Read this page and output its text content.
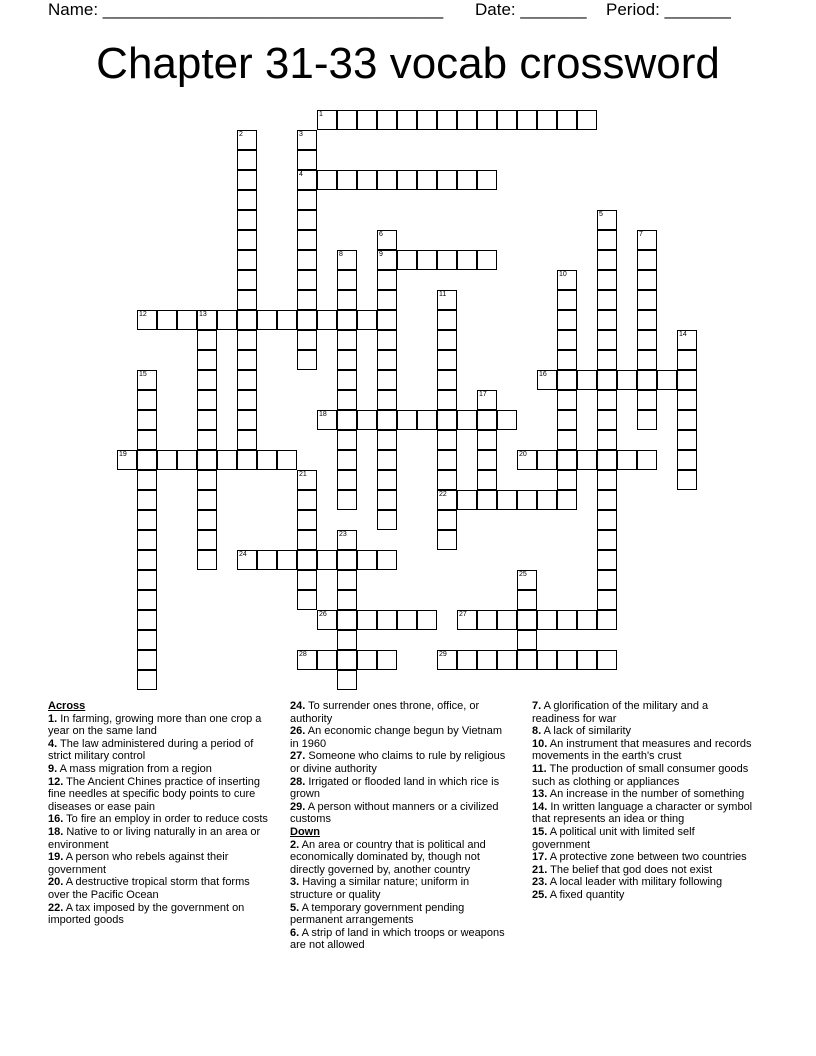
Name: ____________________________________ Date: _______ Period: _______
Chapter 31-33 vocab crossword
1
2	3
4
5
6
9
7
8
10
11
22
12	13
14
15	16
17
18
19	20
21
23
24
25
26	27
28	29
Across
1. In farming, growing more than one crop a year on the same land
4. The law administered during a period of strict military control
9. A mass migration from a region
12. The Ancient Chines practice of inserting fine needles at specific body points to cure diseases or ease pain
16. To fire an employ in order to reduce costs
18. Native to or living naturally in an area or environment
19. A person who rebels against their government
20. A destructive tropical storm that forms over the Pacific Ocean
22. A tax imposed by the government on imported goods
24. To surrender ones throne, office, or authority
26. An economic change begun by Vietnam in 1960
27. Someone who claims to rule by religious or divine authority
28. Irrigated or flooded land in which rice is grown
29. A person without manners or a civilized customs
Down
2. An area or country that is political and economically dominated by, though not directly governed by, another country
3. Having a similar nature; uniform in structure or quality
5. A temporary government pending permanent arrangements
6. A strip of land in which troops or weapons are not allowed
7. A glorification of the military and a readiness for war
8. A lack of similarity
10. An instrument that measures and records movements in the earth's crust
11. The production of small consumer goods such as clothing or appliances
13. An increase in the number of something
14. In written language a character or symbol that represents an idea or thing
15. A political unit with limited self government
17. A protective zone between two countries
21. The belief that god does not exist
23. A local leader with military following
25. A fixed quantity
